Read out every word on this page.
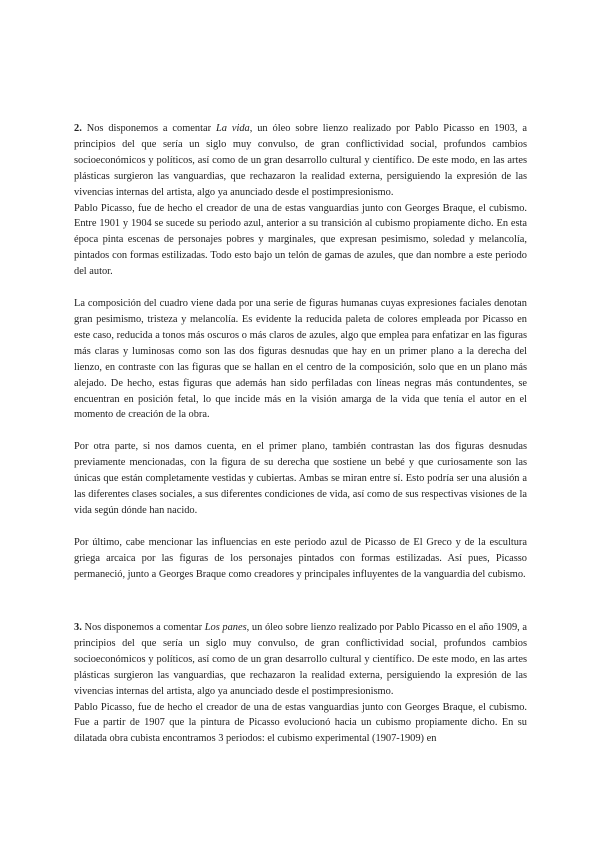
2. Nos disponemos a comentar La vida, un óleo sobre lienzo realizado por Pablo Picasso en 1903, a principios del que sería un siglo muy convulso, de gran conflictividad social, profundos cambios socioeconómicos y políticos, así como de un gran desarrollo cultural y científico. De este modo, en las artes plásticas surgieron las vanguardias, que rechazaron la realidad externa, persiguiendo la expresión de las vivencias internas del artista, algo ya anunciado desde el postimpresionismo.

Pablo Picasso, fue de hecho el creador de una de estas vanguardias junto con Georges Braque, el cubismo. Entre 1901 y 1904 se sucede su periodo azul, anterior a su transición al cubismo propiamente dicho. En esta época pinta escenas de personajes pobres y marginales, que expresan pesimismo, soledad y melancolía, pintados con formas estilizadas. Todo esto bajo un telón de gamas de azules, que dan nombre a este periodo del autor.

La composición del cuadro viene dada por una serie de figuras humanas cuyas expresiones faciales denotan gran pesimismo, tristeza y melancolía. Es evidente la reducida paleta de colores empleada por Picasso en este caso, reducida a tonos más oscuros o más claros de azules, algo que emplea para enfatizar en las figuras más claras y luminosas como son las dos figuras desnudas que hay en un primer plano a la derecha del lienzo, en contraste con las figuras que se hallan en el centro de la composición, solo que en un plano más alejado. De hecho, estas figuras que además han sido perfiladas con líneas negras más contundentes, se encuentran en posición fetal, lo que incide más en la visión amarga de la vida que tenía el autor en el momento de creación de la obra.

Por otra parte, si nos damos cuenta, en el primer plano, también contrastan las dos figuras desnudas previamente mencionadas, con la figura de su derecha que sostiene un bebé y que curiosamente son las únicas que están completamente vestidas y cubiertas. Ambas se miran entre sí. Esto podría ser una alusión a las diferentes clases sociales, a sus diferentes condiciones de vida, así como de sus respectivas visiones de la vida según dónde han nacido.

Por último, cabe mencionar las influencias en este periodo azul de Picasso de El Greco y de la escultura griega arcaica por las figuras de los personajes pintados con formas estilizadas. Así pues, Picasso permaneció, junto a Georges Braque como creadores y principales influyentes de la vanguardia del cubismo.

3. Nos disponemos a comentar Los panes, un óleo sobre lienzo realizado por Pablo Picasso en el año 1909, a principios del que sería un siglo muy convulso, de gran conflictividad social, profundos cambios socioeconómicos y políticos, así como de un gran desarrollo cultural y científico. De este modo, en las artes plásticas surgieron las vanguardias, que rechazaron la realidad externa, persiguiendo la expresión de las vivencias internas del artista, algo ya anunciado desde el postimpresionismo.

Pablo Picasso, fue de hecho el creador de una de estas vanguardias junto con Georges Braque, el cubismo. Fue a partir de 1907 que la pintura de Picasso evolucionó hacia un cubismo propiamente dicho. En su dilatada obra cubista encontramos 3 periodos: el cubismo experimental (1907-1909) en
